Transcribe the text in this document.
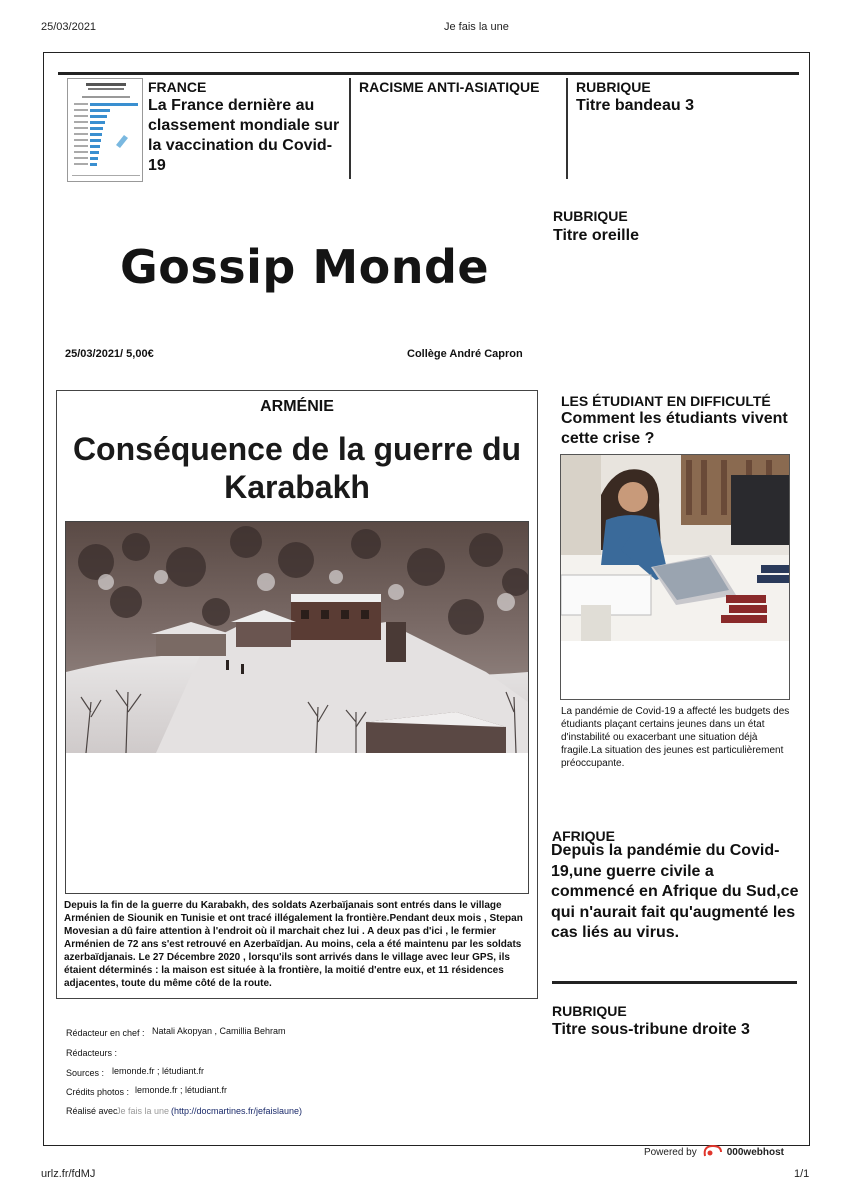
25/03/2021	Je fais la une
FRANCE
La France dernière au classement mondiale sur la vaccination du Covid-19
RACISME ANTI-ASIATIQUE	RUBRIQUE
Titre bandeau 3
RUBRIQUE
Titre oreille
Gossip Monde
25/03/2021/ 5,00€	Collège André Capron
ARMÉNIE
Conséquence de la guerre du Karabakh
Depuis la fin de la guerre du Karabakh, des soldats Azerbaïjanais sont entrés dans le village Arménien de Siounik en Tunisie et ont tracé illégalement la frontière.Pendant deux mois , Stepan Movesian a dû faire attention à l'endroit où il marchait chez lui . A deux pas d'ici , le fermier Arménien de 72 ans s'est retrouvé en Azerbaïdjan. Au moins, cela a été maintenu par les soldats azerbaïdjanais. Le 27 Décembre 2020 , lorsqu'ils sont arrivés dans le village avec leur GPS, ils étaient déterminés : la maison est située à la frontière, la moitié d'entre eux, et 11 résidences adjacentes, toute du même côté de la route.
LES ÉTUDIANT EN DIFFICULTÉ
Comment les étudiants vivent cette crise ?
La pandémie de Covid-19 a affecté les budgets des étudiants plaçant certains jeunes dans un état d'instabilité ou exacerbant une situation déjà fragile.La situation des jeunes est particulièrement préoccupante.
AFRIQUE
Depuis la pandémie du Covid-19,une guerre civile a commencé en Afrique du Sud,ce qui n'aurait fait qu'augmenté les cas liés au virus.
RUBRIQUE
Titre sous-tribune droite 3
Rédacteur en chef : Natali Akopyan , Camillia Behram
Rédacteurs :
Sources : lemonde.fr ; létudiant.fr
Crédits photos : lemonde.fr ; létudiant.fr
Réalisé avec
Je fais la une (http://docmartines.fr/jefaislaune)
Powered by	000webhost
urlz.fr/fdMJ	1/1
